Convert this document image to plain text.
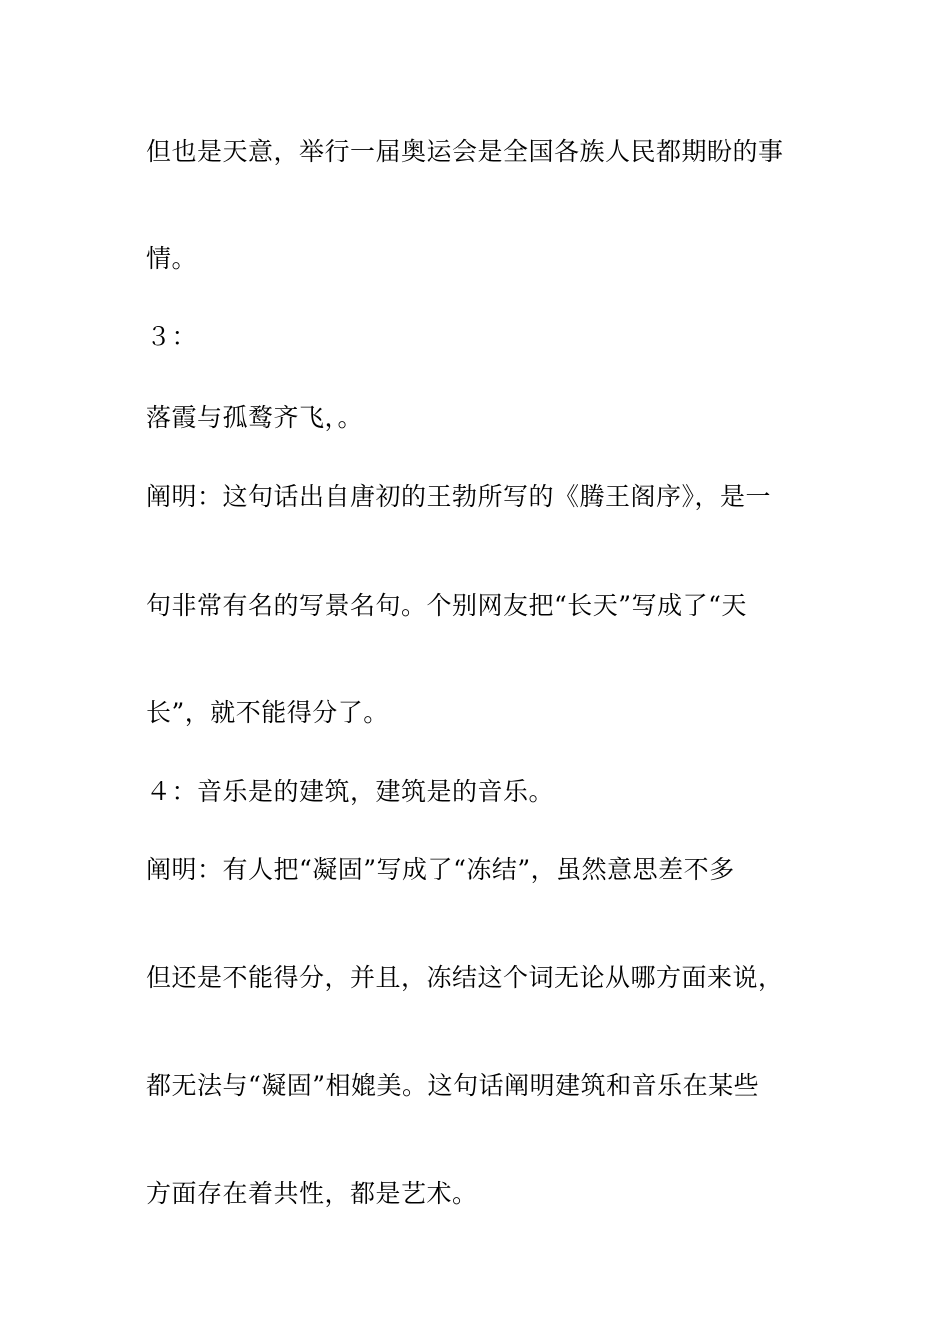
但也是天意，举行一届奥运会是全国各族人民都期盼的事
情。
３：
落霞与孤鹜齐飞，。
阐明：这句话出自唐初的王勃所写的《腾王阁序》，是一
句非常有名的写景名句。个别网友把“长天”写成了“天
长”，就不能得分了。
４：音乐是的建筑，建筑是的音乐。
阐明：有人把“凝固”写成了“冻结”，虽然意思差不多
但还是不能得分，并且，冻结这个词无论从哪方面来说，
都无法与“凝固”相媲美。这句话阐明建筑和音乐在某些
方面存在着共性，都是艺术。
